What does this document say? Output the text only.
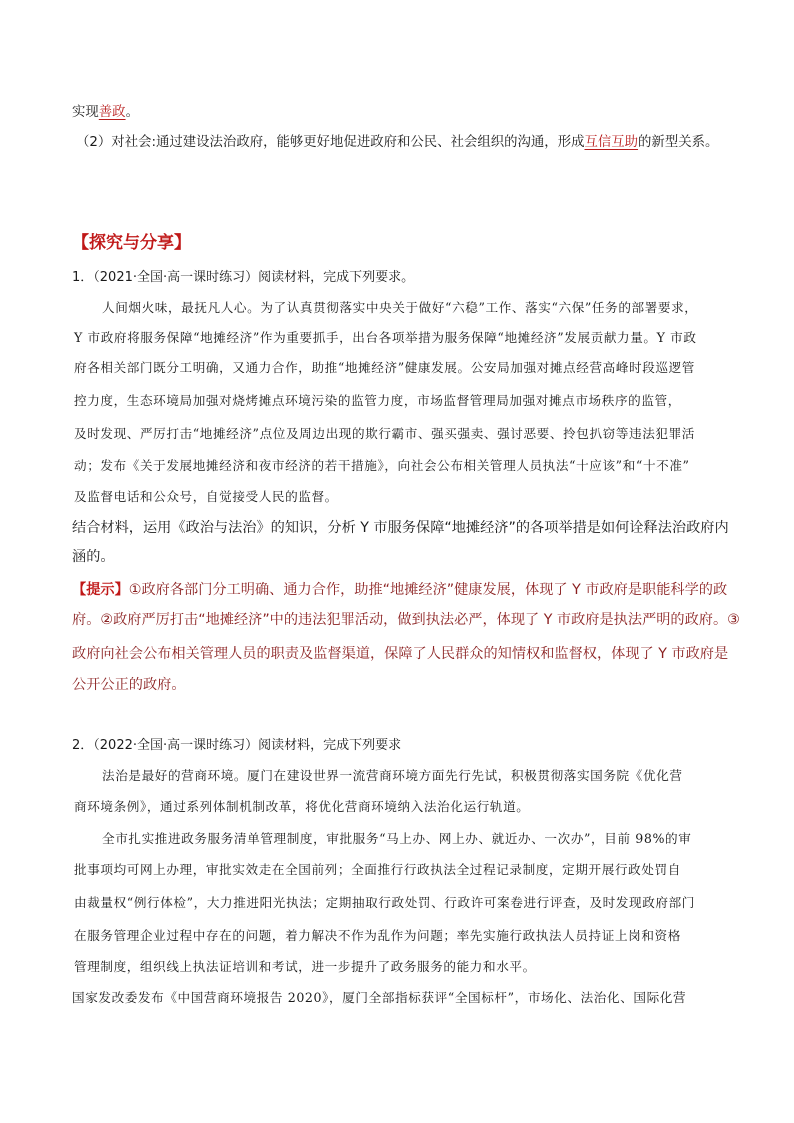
实现善政。
（2）对社会:通过建设法治政府，能够更好地促进政府和公民、社会组织的沟通，形成互信互助的新型关系。
【探究与分享】
1．（2021·全国·高一课时练习）阅读材料，完成下列要求。
人间烟火味，最抚凡人心。为了认真贯彻落实中央关于做好“六稳”工作、落实“六保”任务的部署要求，
Y 市政府将服务保障“地摊经济”作为重要抓手，出台各项举措为服务保障“地摊经济”发展贡献力量。Y 市政
府各相关部门既分工明确，又通力合作，助推“地摊经济”健康发展。公安局加强对摊点经营高峰时段巡逻管
控力度，生态环境局加强对烧烤摊点环境污染的监管力度，市场监督管理局加强对摊点市场秩序的监管，
及时发现、严厉打击“地摊经济”点位及周边出现的欺行霸市、强买强卖、强讨恶要、拎包扒窃等违法犯罪活
动；发布《关于发展地摊经济和夜市经济的若干措施》，向社会公布相关管理人员执法“十应该”和“十不准”
及监督电话和公众号，自觉接受人民的监督。
结合材料，运用《政治与法治》的知识，分析 Y 市服务保障“地摊经济”的各项举措是如何诠释法治政府内
涵的。
【提示】①政府各部门分工明确、通力合作，助推“地摊经济”健康发展，体现了 Y 市政府是职能科学的政
府。②政府严厉打击“地摊经济”中的违法犯罪活动，做到执法必严，体现了 Y 市政府是执法严明的政府。③
政府向社会公布相关管理人员的职责及监督渠道，保障了人民群众的知情权和监督权，体现了 Y 市政府是
公开公正的政府。
2．（2022·全国·高一课时练习）阅读材料，完成下列要求
法治是最好的营商环境。厦门在建设世界一流营商环境方面先行先试，积极贯彻落实国务院《优化营
商环境条例》，通过系列体制机制改革，将优化营商环境纳入法治化运行轨道。
全市扎实推进政务服务清单管理制度，审批服务“马上办、网上办、就近办、一次办”，目前 98%的审
批事项均可网上办理，审批实效走在全国前列；全面推行行政执法全过程记录制度，定期开展行政处罚自
由裁量权“例行体检”，大力推进阳光执法；定期抽取行政处罚、行政许可案卷进行评查，及时发现政府部门
在服务管理企业过程中存在的问题，着力解决不作为乱作为问题；率先实施行政执法人员持证上岗和资格
管理制度，组织线上执法证培训和考试，进一步提升了政务服务的能力和水平。
国家发改委发布《中国营商环境报告 2020》，厦门全部指标获评“全国标杆”，市场化、法治化、国际化营
